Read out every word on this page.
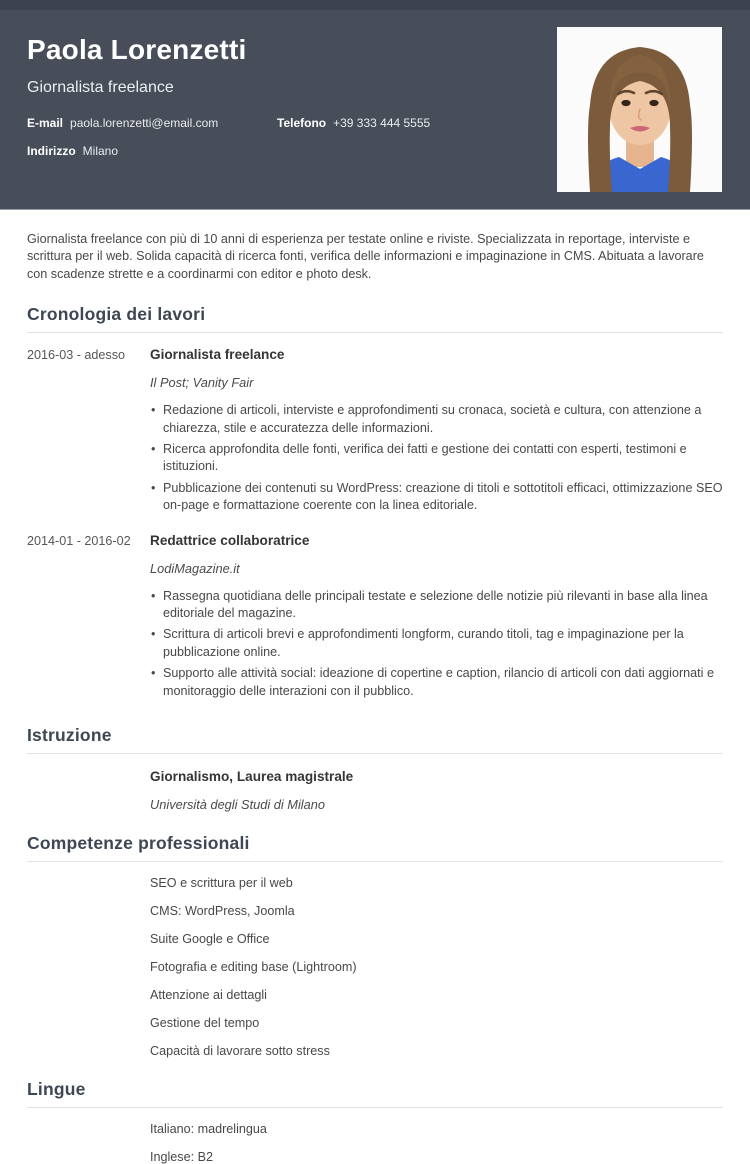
Paola Lorenzetti
Giornalista freelance
E-mail paola.lorenzetti@email.com	Telefono +39 333 444 5555
Indirizzo Milano

Giornalista freelance con più di 10 anni di esperienza per testate online e riviste. Specializzata in reportage, interviste e scrittura per il web. Solida capacità di ricerca fonti, verifica delle informazioni e impaginazione in CMS. Abituata a lavorare con scadenze strette e a coordinarmi con editor e photo desk.

Cronologia dei lavori
2016-03 - adesso	Giornalista freelance
Il Post; Vanity Fair
• Redazione di articoli, interviste e approfondimenti su cronaca, società e cultura, con attenzione a chiarezza, stile e accuratezza delle informazioni.
• Ricerca approfondita delle fonti, verifica dei fatti e gestione dei contatti con esperti, testimoni e istituzioni.
• Pubblicazione dei contenuti su WordPress: creazione di titoli e sottotitoli efficaci, ottimizzazione SEO on-page e formattazione coerente con la linea editoriale.
2014-01 - 2016-02	Redattrice collaboratrice
LodiMagazine.it
• Rassegna quotidiana delle principali testate e selezione delle notizie più rilevanti in base alla linea editoriale del magazine.
• Scrittura di articoli brevi e approfondimenti longform, curando titoli, tag e impaginazione per la pubblicazione online.
• Supporto alle attività social: ideazione di copertine e caption, rilancio di articoli con dati aggiornati e monitoraggio delle interazioni con il pubblico.
Istruzione
Giornalismo, Laurea magistrale
Università degli Studi di Milano
Competenze professionali
SEO e scrittura per il web
CMS: WordPress, Joomla
Suite Google e Office
Fotografia e editing base (Lightroom)
Attenzione ai dettagli
Gestione del tempo
Capacità di lavorare sotto stress
Lingue
Italiano: madrelingua
Inglese: B2
